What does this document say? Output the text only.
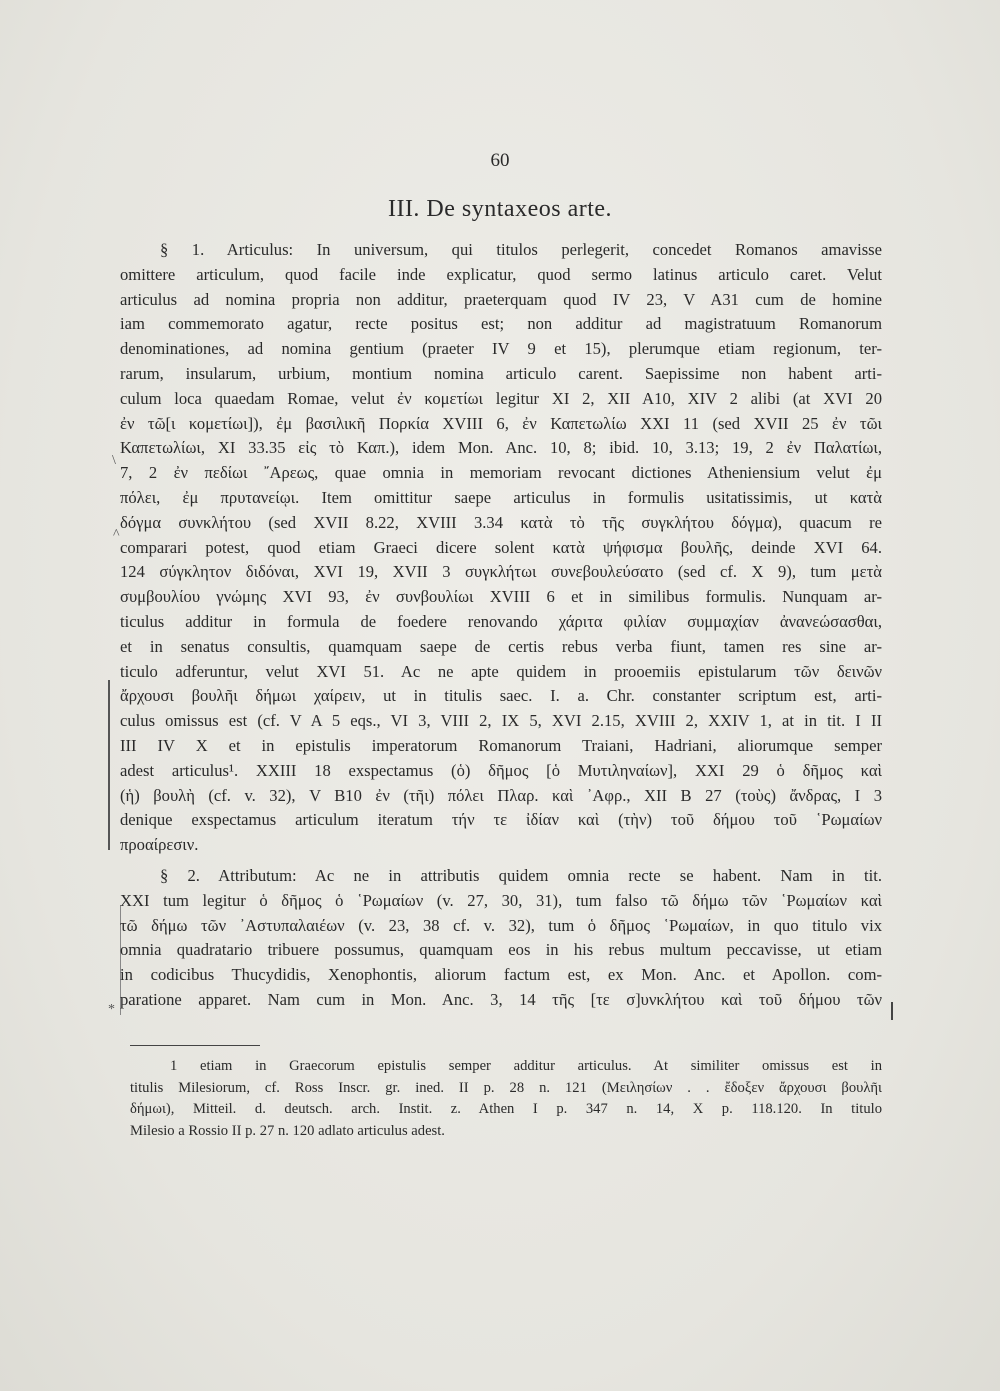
60
III. De syntaxeos arte.
\
^
*
§ 1. Articulus: In universum, qui titulos perlegerit, concedet Romanos amavisse
omittere articulum, quod facile inde explicatur, quod sermo latinus articulo caret. Velut
articulus ad nomina propria non additur, praeterquam quod IV 23, V A31 cum de homine
iam commemorato agatur, recte positus est; non additur ad magistratuum Romanorum
denominationes, ad nomina gentium (praeter IV 9 et 15), plerumque etiam regionum, ter-
rarum, insularum, urbium, montium nomina articulo carent. Saepissime non habent arti-
culum loca quaedam Romae, velut ἐν κομετίωι legitur XI 2, XII A10, XIV 2 alibi (at XVI 20
ἐν τῶ[ι κομετίωι]), ἐμ βασιλικῆ Πορκία XVIII 6, ἐν Καπετωλίω XXI 11 (sed XVII 25 ἐν τῶι
Καπετωλίωι, XI 33.35 εἰς τὸ Καπ.), idem Mon. Anc. 10, 8; ibid. 10, 3.13; 19, 2 ἐν Παλατίωι,
7, 2 ἐν πεδίωι ῎Αρεως, quae omnia in memoriam revocant dictiones Atheniensium velut ἐμ
πόλει, ἐμ πρυτανείῳι. Item omittitur saepe articulus in formulis usitatissimis, ut κατὰ
δόγμα συνκλήτου (sed XVII 8.22, XVIII 3.34 κατὰ τὸ τῆς συγκλήτου δόγμα), quacum re
comparari potest, quod etiam Graeci dicere solent κατὰ ψήφισμα βουλῆς, deinde XVI 64.
124 σύγκλητον διδόναι, XVI 19, XVII 3 συγκλήτωι συνεβουλεύσατο (sed cf. X 9), tum μετὰ
συμβουλίου γνώμης XVI 93, ἐν συνβουλίωι XVIII 6 et in similibus formulis. Nunquam ar-
ticulus additur in formula de foedere renovando χάριτα φιλίαν συμμαχίαν ἀνανεώσασθαι,
et in senatus consultis, quamquam saepe de certis rebus verba fiunt, tamen res sine ar-
ticulo adferuntur, velut XVI 51. Ac ne apte quidem in prooemiis epistularum τῶν δεινῶν
ἄρχουσι βουλῆι δήμωι χαίρειν, ut in titulis saec. I. a. Chr. constanter scriptum est, arti-
culus omissus est (cf. V A 5 eqs., VI 3, VIII 2, IX 5, XVI 2.15, XVIII 2, XXIV 1, at in tit. I II
III IV X et in epistulis imperatorum Romanorum Traiani, Hadriani, aliorumque semper
adest articulus¹. XXIII 18 exspectamus (ὁ) δῆμος [ὁ Μυτιληναίων], XXI 29 ὁ δῆμος καὶ
(ἡ) βουλὴ (cf. v. 32), V B10 ἐν (τῆι) πόλει Πλαρ. καὶ ᾿Αφρ., XII B 27 (τοὺς) ἄνδρας, I 3
denique exspectamus articulum iteratum τήν τε ἰδίαν καὶ (τὴν) τοῦ δήμου τοῦ ῾Ρωμαίων
προαίρεσιν.
§ 2. Attributum: Ac ne in attributis quidem omnia recte se habent. Nam in tit.
XXI tum legitur ὁ δῆμος ὁ ῾Ρωμαίων (v. 27, 30, 31), tum falso τῶ δήμω τῶν ῾Ρωμαίων καὶ
τῶ δήμω τῶν ᾿Αστυπαλαιέων (v. 23, 38 cf. v. 32), tum ὁ δῆμος ῾Ρωμαίων, in quo titulo vix
omnia quadratario tribuere possumus, quamquam eos in his rebus multum peccavisse, ut etiam
in codicibus Thucydidis, Xenophontis, aliorum factum est, ex Mon. Anc. et Apollon. com-
paratione apparet. Nam cum in Mon. Anc. 3, 14 τῆς [τε σ]υνκλήτου καὶ τοῦ δήμου τῶν
1 etiam in Graecorum epistulis semper additur articulus. At similiter omissus est in
titulis Milesiorum, cf. Ross Inscr. gr. ined. II p. 28 n. 121 (Μειλησίων . . ἔδοξεν ἄρχουσι βουλῆι
δήμωι), Mitteil. d. deutsch. arch. Instit. z. Athen I p. 347 n. 14, X p. 118.120. In titulo
Milesio a Rossio II p. 27 n. 120 adlato articulus adest.
